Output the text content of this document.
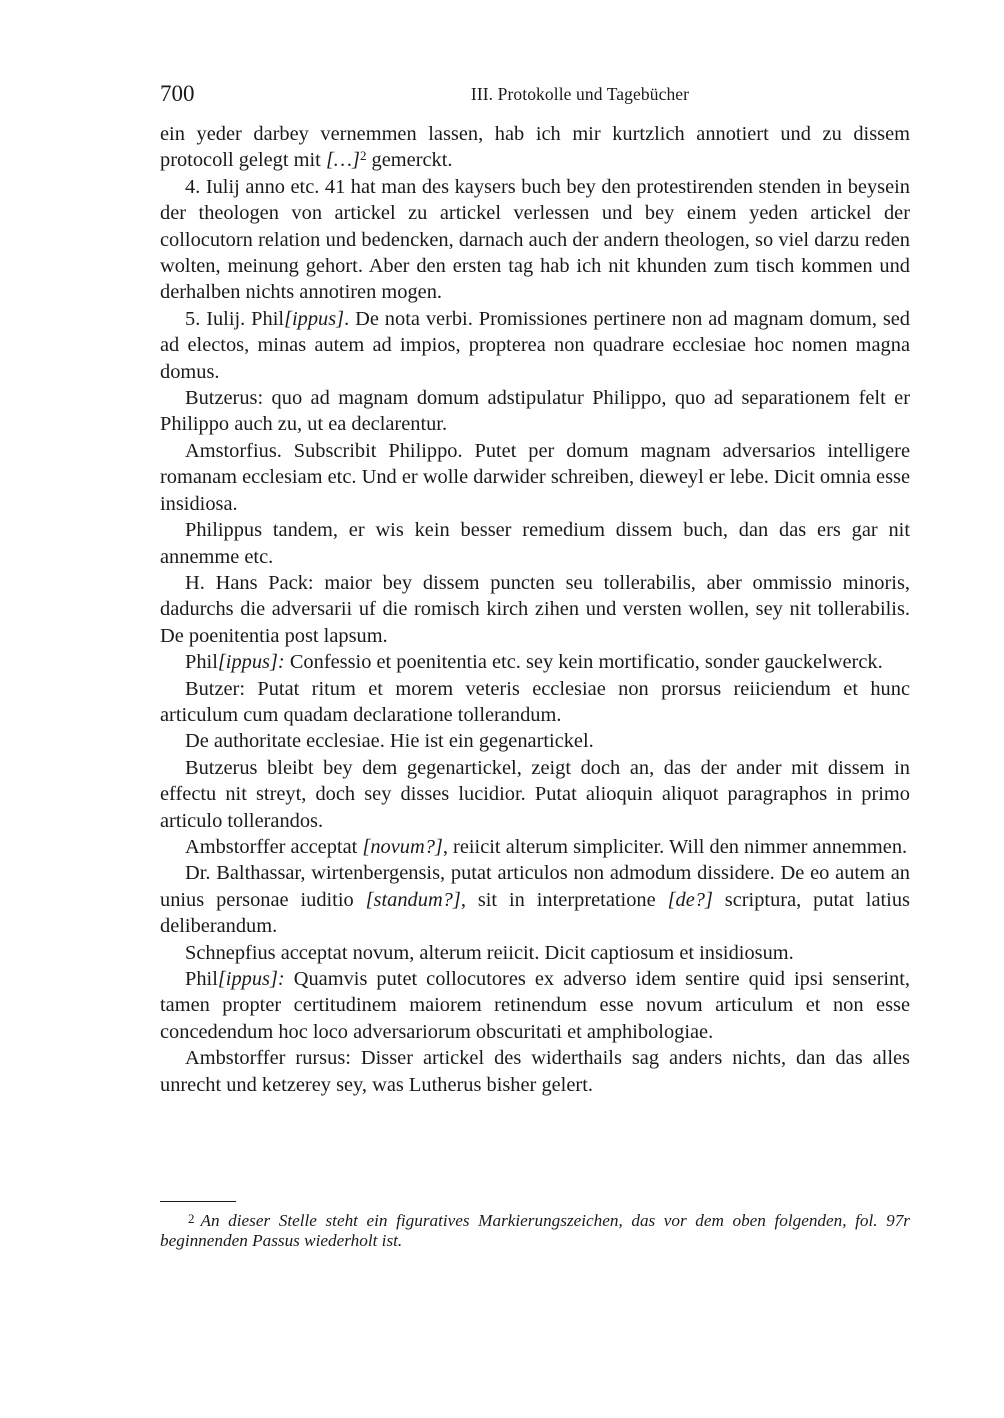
700	III. Protokolle und Tagebücher

ein yeder darbey vernemmen lassen, hab ich mir kurtzlich annotiert und zu dissem protocoll gelegt mit […]$^2$ gemerckt.

4. Iulij anno etc. 41 hat man des kaysers buch bey den protestirenden stenden in beysein der theologen von artickel zu artickel verlessen und bey einem yeden artickel der collocutorn relation und bedencken, darnach auch der andern theologen, so viel darzu reden wolten, meinung gehort. Aber den ersten tag hab ich nit khunden zum tisch kommen und derhalben nichts annotiren mogen.

5. Iulij. Phil[ippus]. De nota verbi. Promissiones pertinere non ad magnam domum, sed ad electos, minas autem ad impios, propterea non quadrare ecclesiae hoc nomen magna domus.

Butzerus: quo ad magnam domum adstipulatur Philippo, quo ad separationem felt er Philippo auch zu, ut ea declarentur.

Amstorfius. Subscribit Philippo. Putet per domum magnam adversarios intelligere romanam ecclesiam etc. Und er wolle darwider schreiben, dieweyl er lebe. Dicit omnia esse insidiosa.

Philippus tandem, er wis kein besser remedium dissem buch, dan das ers gar nit annemme etc.

H. Hans Pack: maior bey dissem puncten seu tollerabilis, aber ommissio minoris, dadurchs die adversarii uf die romisch kirch zihen und versten wollen, sey nit tollerabilis. De poenitentia post lapsum.

Phil[ippus]: Confessio et poenitentia etc. sey kein mortificatio, sonder gauckelwerck.

Butzer: Putat ritum et morem veteris ecclesiae non prorsus reiiciendum et hunc articulum cum quadam declaratione tollerandum.

De authoritate ecclesiae. Hie ist ein gegenartickel.

Butzerus bleibt bey dem gegenartickel, zeigt doch an, das der ander mit dissem in effectu nit streyt, doch sey disses lucidior. Putat alioquin aliquot paragraphos in primo articulo tollerandos.

Ambstorffer acceptat [novum?], reiicit alterum simpliciter. Will den nimmer annemmen.

Dr. Balthassar, wirtenbergensis, putat articulos non admodum dissidere. De eo autem an unius personae iuditio [standum?], sit in interpretatione [de?] scriptura, putat latius deliberandum.

Schnepfius acceptat novum, alterum reiicit. Dicit captiosum et insidiosum.

Phil[ippus]: Quamvis putet collocutores ex adverso idem sentire quid ipsi senserint, tamen propter certitudinem maiorem retinendum esse novum articulum et non esse concedendum hoc loco adversariorum obscuritati et amphibologiae.

Ambstorffer rursus: Disser artickel des widerthails sag anders nichts, dan das alles unrecht und ketzerey sey, was Lutherus bisher gelert.

2 An dieser Stelle steht ein figuratives Markierungszeichen, das vor dem oben folgenden, fol. 97r beginnenden Passus wiederholt ist.
